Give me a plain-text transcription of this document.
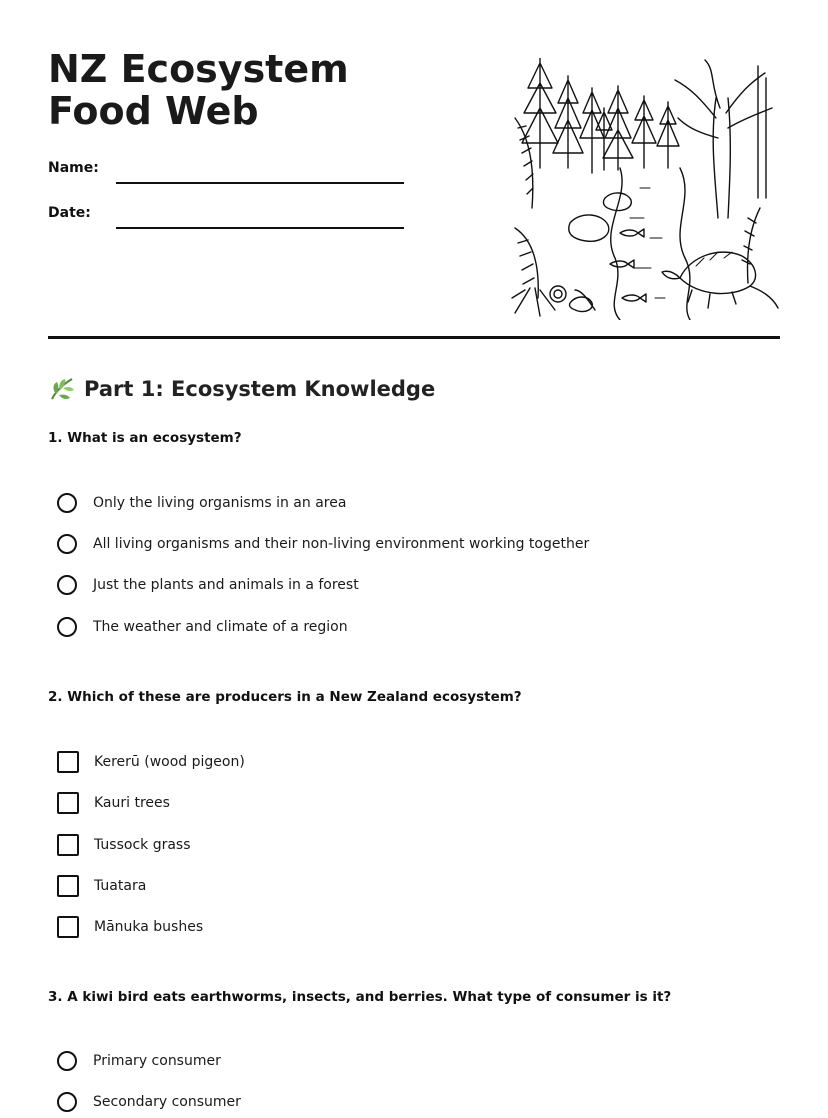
NZ Ecosystem Food Web
Name:
Date:
Part 1: Ecosystem Knowledge
1. What is an ecosystem?
Only the living organisms in an area
All living organisms and their non-living environment working together
Just the plants and animals in a forest
The weather and climate of a region
2. Which of these are producers in a New Zealand ecosystem?
Kererū (wood pigeon)
Kauri trees
Tussock grass
Tuatara
Mānuka bushes
3. A kiwi bird eats earthworms, insects, and berries. What type of consumer is it?
Primary consumer
Secondary consumer
